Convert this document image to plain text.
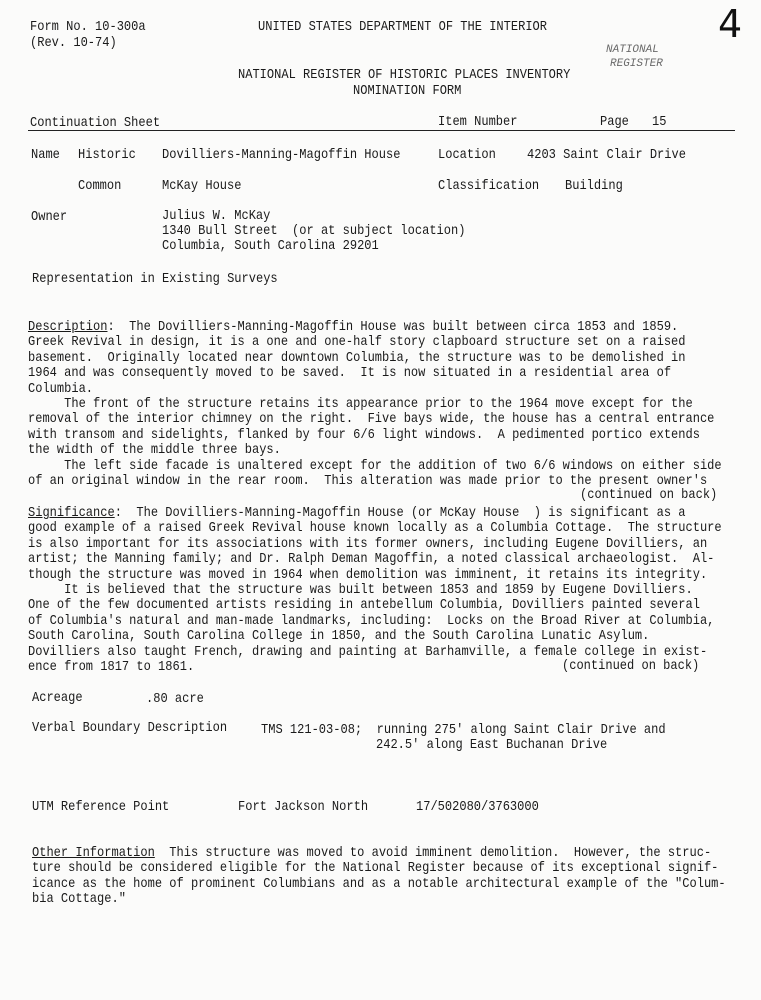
Form No. 10-300a
(Rev. 10-74)
UNITED STATES DEPARTMENT OF THE INTERIOR
NATIONAL REGISTER OF HISTORIC PLACES INVENTORY
NOMINATION FORM
NATIONAL
REGISTER
4
Continuation Sheet	Item Number	Page	15
Name	Historic	Dovilliers-Manning-Magoffin House	Location	4203 Saint Clair Drive
Common	McKay House	Classification	Building
Owner	Julius W. McKay
1340 Bull Street  (or at subject location)
Columbia, South Carolina 29201
Representation in Existing Surveys
Description:  The Dovilliers-Manning-Magoffin House was built between circa 1853 and 1859.
Greek Revival in design, it is a one and one-half story clapboard structure set on a raised
basement.  Originally located near downtown Columbia, the structure was to be demolished in
1964 and was consequently moved to be saved.  It is now situated in a residential area of
Columbia.
The front of the structure retains its appearance prior to the 1964 move except for the
removal of the interior chimney on the right.  Five bays wide, the house has a central entrance
with transom and sidelights, flanked by four 6/6 light windows.  A pedimented portico extends
the width of the middle three bays.
The left side facade is unaltered except for the addition of two 6/6 windows on either side
of an original window in the rear room.  This alteration was made prior to the present owner's
(continued on back)
Significance:  The Dovilliers-Manning-Magoffin House (or McKay House  ) is significant as a
good example of a raised Greek Revival house known locally as a Columbia Cottage.  The structure
is also important for its associations with its former owners, including Eugene Dovilliers, an
artist; the Manning family; and Dr. Ralph Deman Magoffin, a noted classical archaeologist.  Al-
though the structure was moved in 1964 when demolition was imminent, it retains its integrity.
It is believed that the structure was built between 1853 and 1859 by Eugene Dovilliers.
One of the few documented artists residing in antebellum Columbia, Dovilliers painted several
of Columbia's natural and man-made landmarks, including:  Locks on the Broad River at Columbia,
South Carolina, South Carolina College in 1850, and the South Carolina Lunatic Asylum.
Dovilliers also taught French, drawing and painting at Barhamville, a female college in exist-
ence from 1817 to 1861.	(continued on back)
Acreage	.80 acre
Verbal Boundary Description	TMS 121-03-08;  running 275' along Saint Clair Drive and
242.5' along East Buchanan Drive
UTM Reference Point	Fort Jackson North	17/502080/3763000
Other Information  This structure was moved to avoid imminent demolition.  However, the struc-
ture should be considered eligible for the National Register because of its exceptional signif-
icance as the home of prominent Columbians and as a notable architectural example of the "Colum-
bia Cottage."
